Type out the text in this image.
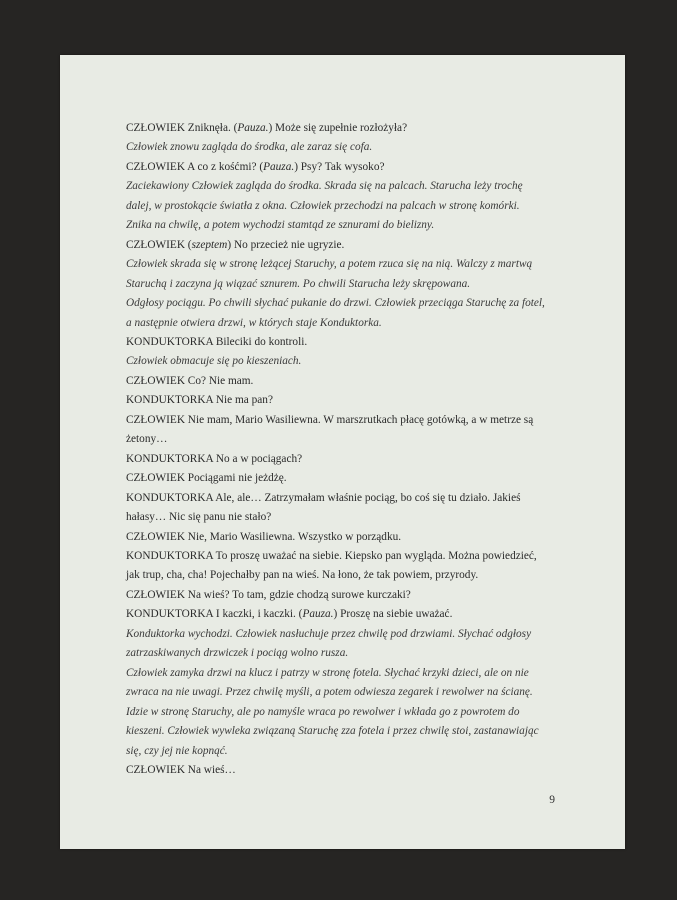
CZŁOWIEK Zniknęła. (Pauza.) Może się zupełnie rozłożyła?

Człowiek znowu zagląda do środka, ale zaraz się cofa.

CZŁOWIEK A co z kośćmi? (Pauza.) Psy? Tak wysoko?

Zaciekawiony Człowiek zagląda do środka. Skrada się na palcach. Starucha leży trochę dalej, w prostokącie światła z okna. Człowiek przechodzi na palcach w stronę komórki. Znika na chwilę, a potem wychodzi stamtąd ze sznurami do bielizny.

CZŁOWIEK (szeptem) No przecież nie ugryzie.

Człowiek skrada się w stronę leżącej Staruchy, a potem rzuca się na nią. Walczy z martwą Staruchą i zaczyna ją wiązać sznurem. Po chwili Starucha leży skrępowana.

Odgłosy pociągu. Po chwili słychać pukanie do drzwi. Człowiek przeciąga Staruchę za fotel, a następnie otwiera drzwi, w których staje Konduktorka.

KONDUKTORKA Bileciki do kontroli.

Człowiek obmacuje się po kieszeniach.

CZŁOWIEK Co? Nie mam.

KONDUKTORKA Nie ma pan?

CZŁOWIEK Nie mam, Mario Wasiliewna. W marszrutkach płacę gotówką, a w metrze są żetony…

KONDUKTORKA No a w pociągach?

CZŁOWIEK Pociągami nie jeżdżę.

KONDUKTORKA Ale, ale… Zatrzymałam właśnie pociąg, bo coś się tu działo. Jakieś hałasy… Nic się panu nie stało?

CZŁOWIEK Nie, Mario Wasiliewna. Wszystko w porządku.

KONDUKTORKA To proszę uważać na siebie. Kiepsko pan wygląda. Można powiedzieć, jak trup, cha, cha! Pojechałby pan na wieś. Na łono, że tak powiem, przyrody.

CZŁOWIEK Na wieś? To tam, gdzie chodzą surowe kurczaki?

KONDUKTORKA I kaczki, i kaczki. (Pauza.) Proszę na siebie uważać.

Konduktorka wychodzi. Człowiek nasłuchuje przez chwilę pod drzwiami. Słychać odgłosy zatrzaskiwanych drzwiczek i pociąg wolno rusza.

Człowiek zamyka drzwi na klucz i patrzy w stronę fotela. Słychać krzyki dzieci, ale on nie zwraca na nie uwagi. Przez chwilę myśli, a potem odwiesza zegarek i rewolwer na ścianę. Idzie w stronę Staruchy, ale po namyśle wraca po rewolwer i wkłada go z powrotem do kieszeni. Człowiek wywleka związaną Staruchę zza fotela i przez chwilę stoi, zastanawiając się, czy jej nie kopnąć.

CZŁOWIEK Na wieś…

9
